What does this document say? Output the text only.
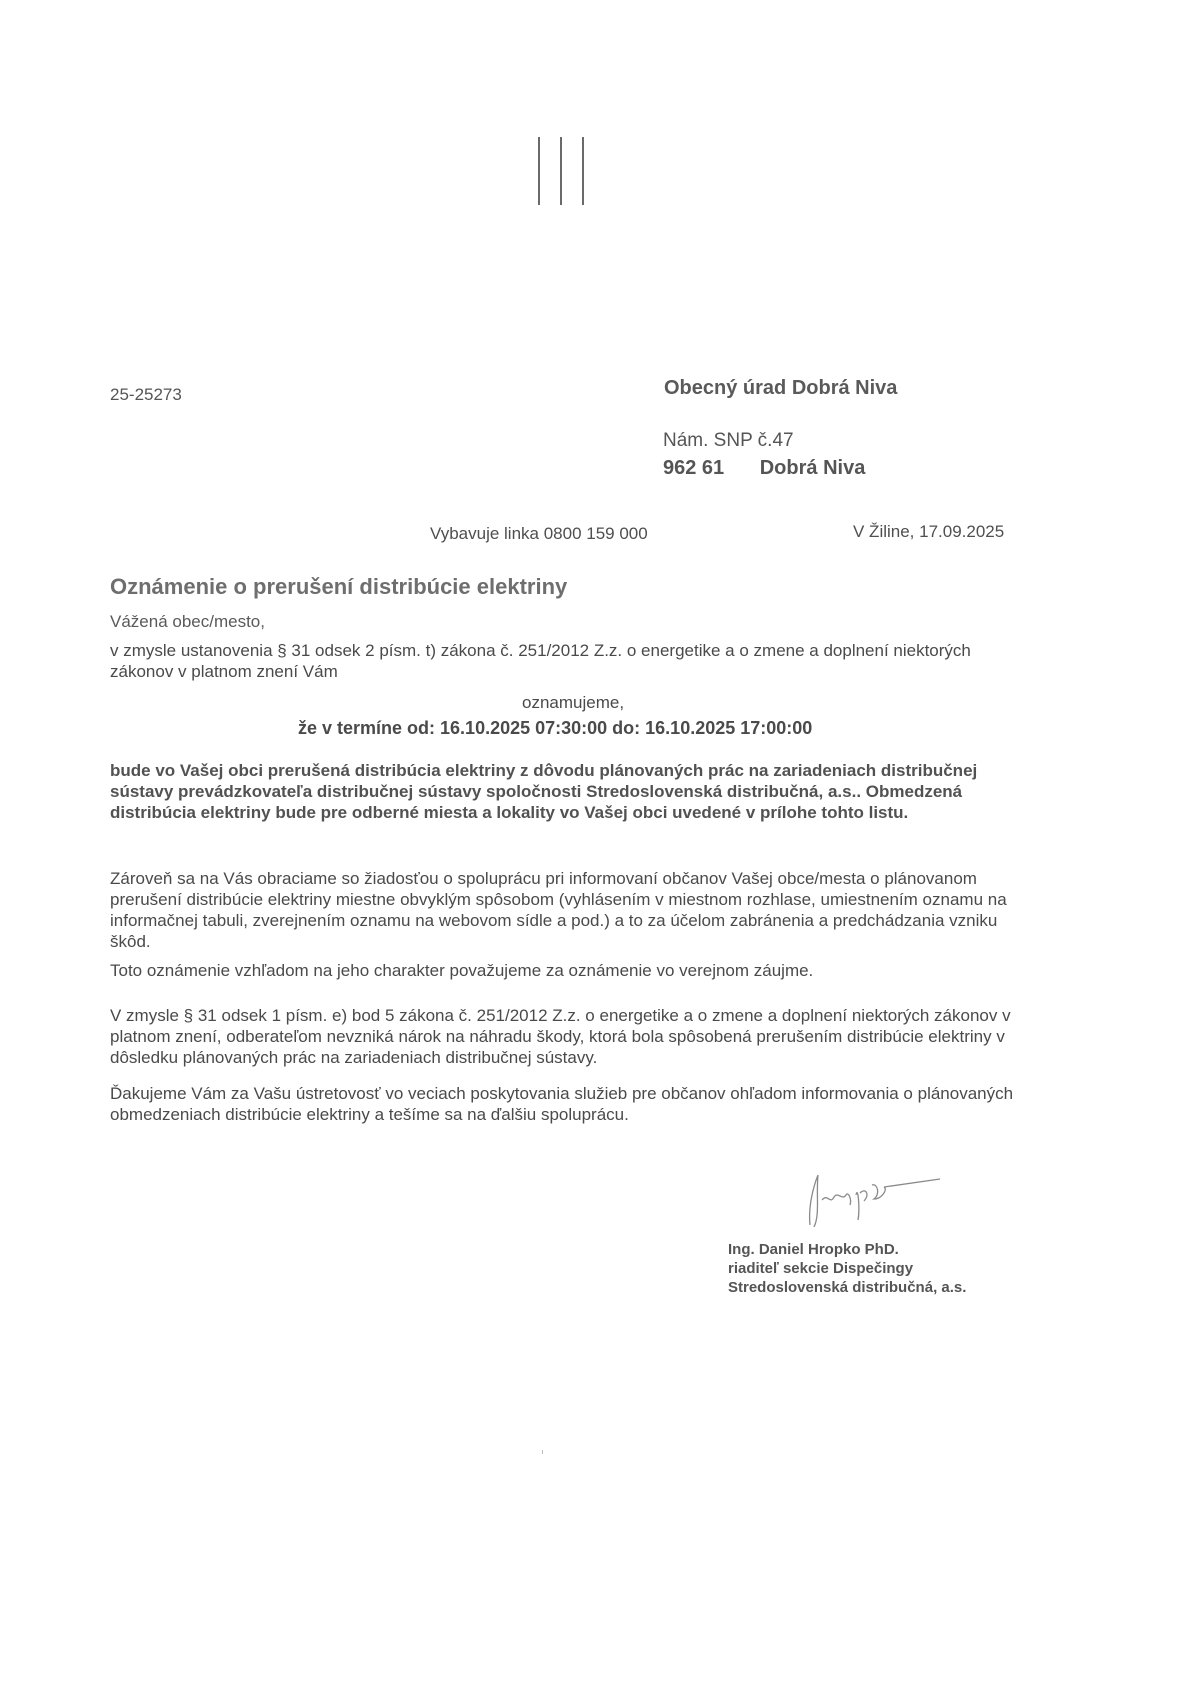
25-25273	Obecný úrad Dobrá Niva
Nám. SNP č.47
962 61 Dobrá Niva
Vybavuje linka 0800 159 000	V Žiline, 17.09.2025
Oznámenie o prerušení distribúcie elektriny
Vážená obec/mesto,
v zmysle ustanovenia § 31 odsek 2 písm. t) zákona č. 251/2012 Z.z. o energetike a o zmene a doplnení niektorých zákonov v platnom znení Vám
oznamujeme,
že v termíne od: 16.10.2025 07:30:00 do: 16.10.2025 17:00:00
bude vo Vašej obci prerušená distribúcia elektriny z dôvodu plánovaných prác na zariadeniach distribučnej sústavy prevádzkovateľa distribučnej sústavy spoločnosti Stredoslovenská distribučná, a.s.. Obmedzená distribúcia elektriny bude pre odberné miesta a lokality vo Vašej obci uvedené v prílohe tohto listu.
Zároveň sa na Vás obraciame so žiadosťou o spoluprácu pri informovaní občanov Vašej obce/mesta o plánovanom prerušení distribúcie elektriny miestne obvyklým spôsobom (vyhlásením v miestnom rozhlase, umiestnením oznamu na informačnej tabuli, zverejnením oznamu na webovom sídle a pod.) a to za účelom zabránenia a predchádzania vzniku škôd.
Toto oznámenie vzhľadom na jeho charakter považujeme za oznámenie vo verejnom záujme.
V zmysle § 31 odsek 1 písm. e) bod 5 zákona č. 251/2012 Z.z. o energetike a o zmene a doplnení niektorých zákonov v platnom znení, odberateľom nevzniká nárok na náhradu škody, ktorá bola spôsobená prerušením distribúcie elektriny v dôsledku plánovaných prác na zariadeniach distribučnej sústavy.
Ďakujeme Vám za Vašu ústretovosť vo veciach poskytovania služieb pre občanov ohľadom informovania o plánovaných obmedzeniach distribúcie elektriny a tešíme sa na ďalšiu spoluprácu.
Ing. Daniel Hropko PhD.
riaditeľ sekcie Dispečingy
Stredoslovenská distribučná, a.s.
